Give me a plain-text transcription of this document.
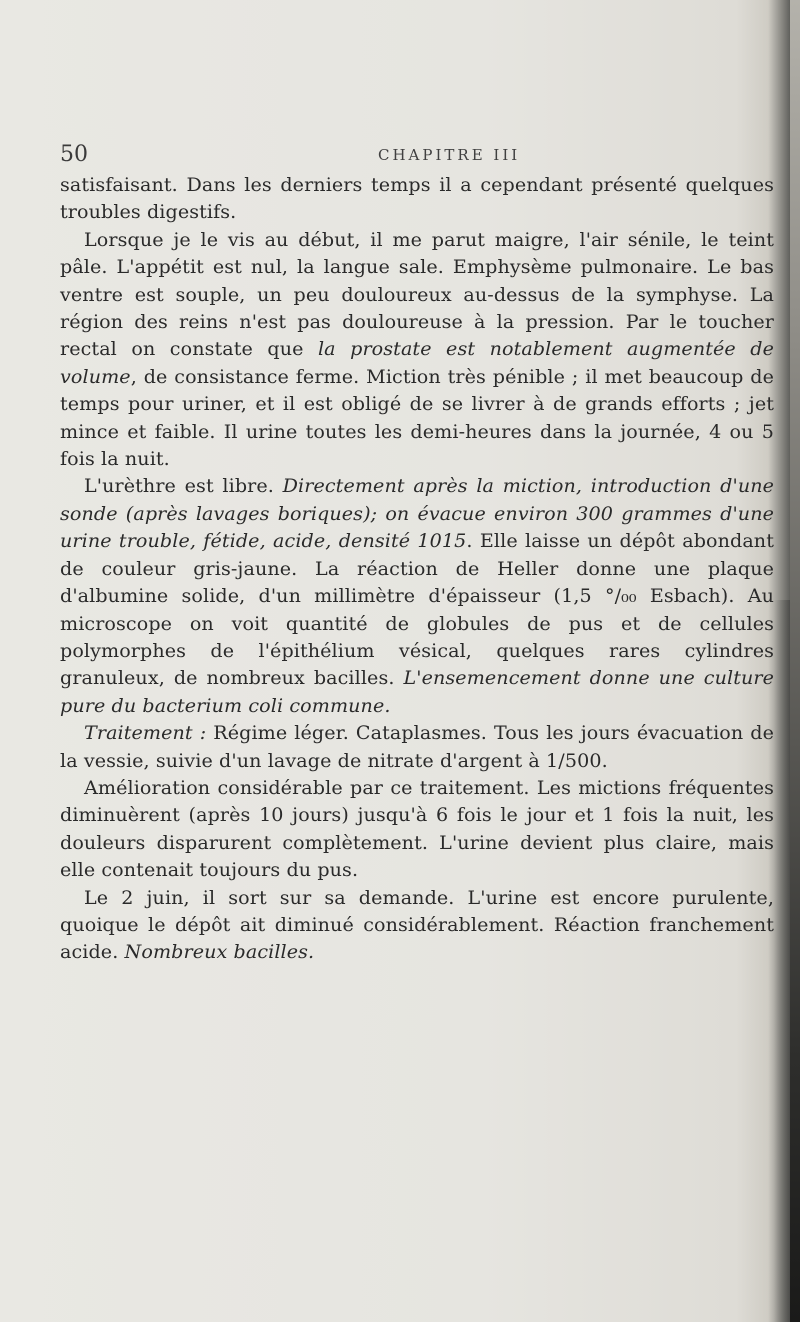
50	CHAPITRE III

satisfaisant. Dans les derniers temps il a cependant présenté quelques troubles digestifs.

Lorsque je le vis au début, il me parut maigre, l'air sénile, le teint pâle. L'appétit est nul, la langue sale. Emphysème pulmonaire. Le bas ventre est souple, un peu douloureux au-dessus de la symphyse. La région des reins n'est pas douloureuse à la pression. Par le toucher rectal on constate que la prostate est notablement augmentée de volume, de consistance ferme. Miction très pénible ; il met beaucoup de temps pour uriner, et il est obligé de se livrer à de grands efforts ; jet mince et faible. Il urine toutes les demi-heures dans la journée, 4 ou 5 fois la nuit.

L'urèthre est libre. Directement après la miction, introduction d'une sonde (après lavages boriques); on évacue environ 300 grammes d'une urine trouble, fétide, acide, densité 1015. Elle laisse un dépôt abondant de couleur gris-jaune. La réaction de Heller donne une plaque d'albumine solide, d'un millimètre d'épaisseur (1,5 °/₀₀ Esbach). Au microscope on voit quantité de globules de pus et de cellules polymorphes de l'épithélium vésical, quelques rares cylindres granuleux, de nombreux bacilles. L'ensemencement donne une culture pure du bacterium coli commune.

Traitement : Régime léger. Cataplasmes. Tous les jours évacuation de la vessie, suivie d'un lavage de nitrate d'argent à 1/500.

Amélioration considérable par ce traitement. Les mictions fréquentes diminuèrent (après 10 jours) jusqu'à 6 fois le jour et 1 fois la nuit, les douleurs disparurent complètement. L'urine devient plus claire, mais elle contenait toujours du pus.

Le 2 juin, il sort sur sa demande. L'urine est encore purulente, quoique le dépôt ait diminué considérablement. Réaction franchement acide. Nombreux bacilles.
